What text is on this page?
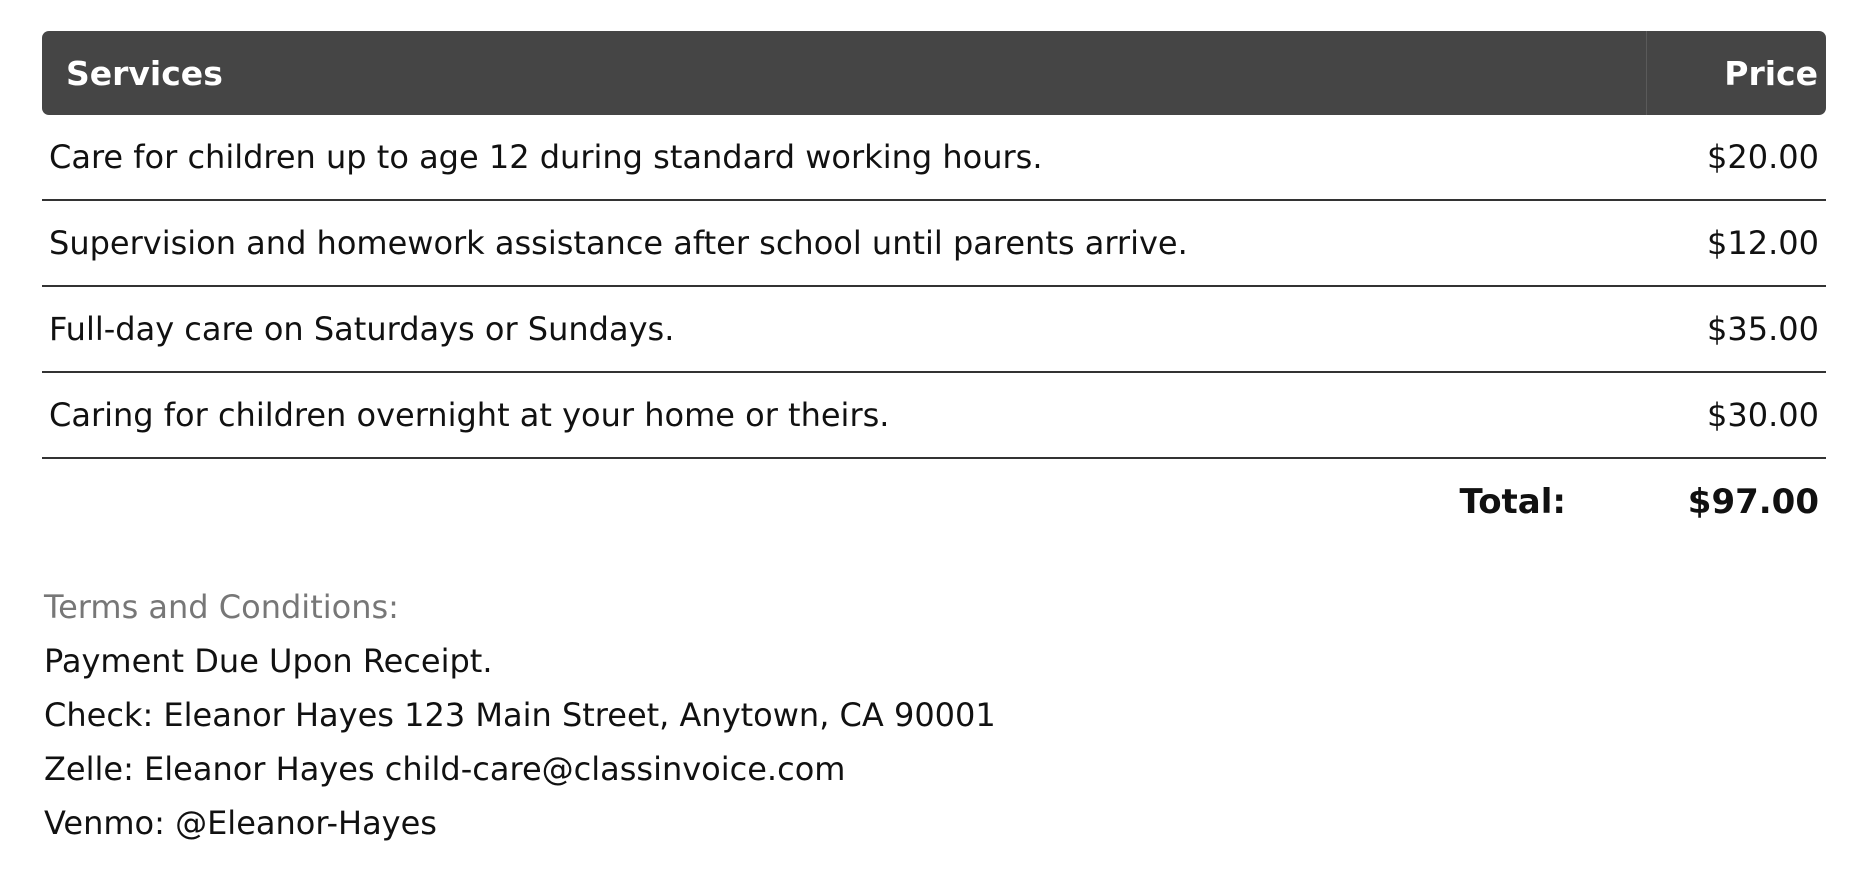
Services	Price
Care for children up to age 12 during standard working hours.	$20.00
Supervision and homework assistance after school until parents arrive.	$12.00
Full-day care on Saturdays or Sundays.	$35.00
Caring for children overnight at your home or theirs.	$30.00
Total:	$97.00
Terms and Conditions:
Payment Due Upon Receipt.
Check: Eleanor Hayes 123 Main Street, Anytown, CA 90001
Zelle: Eleanor Hayes child-care@classinvoice.com
Venmo: @Eleanor-Hayes
